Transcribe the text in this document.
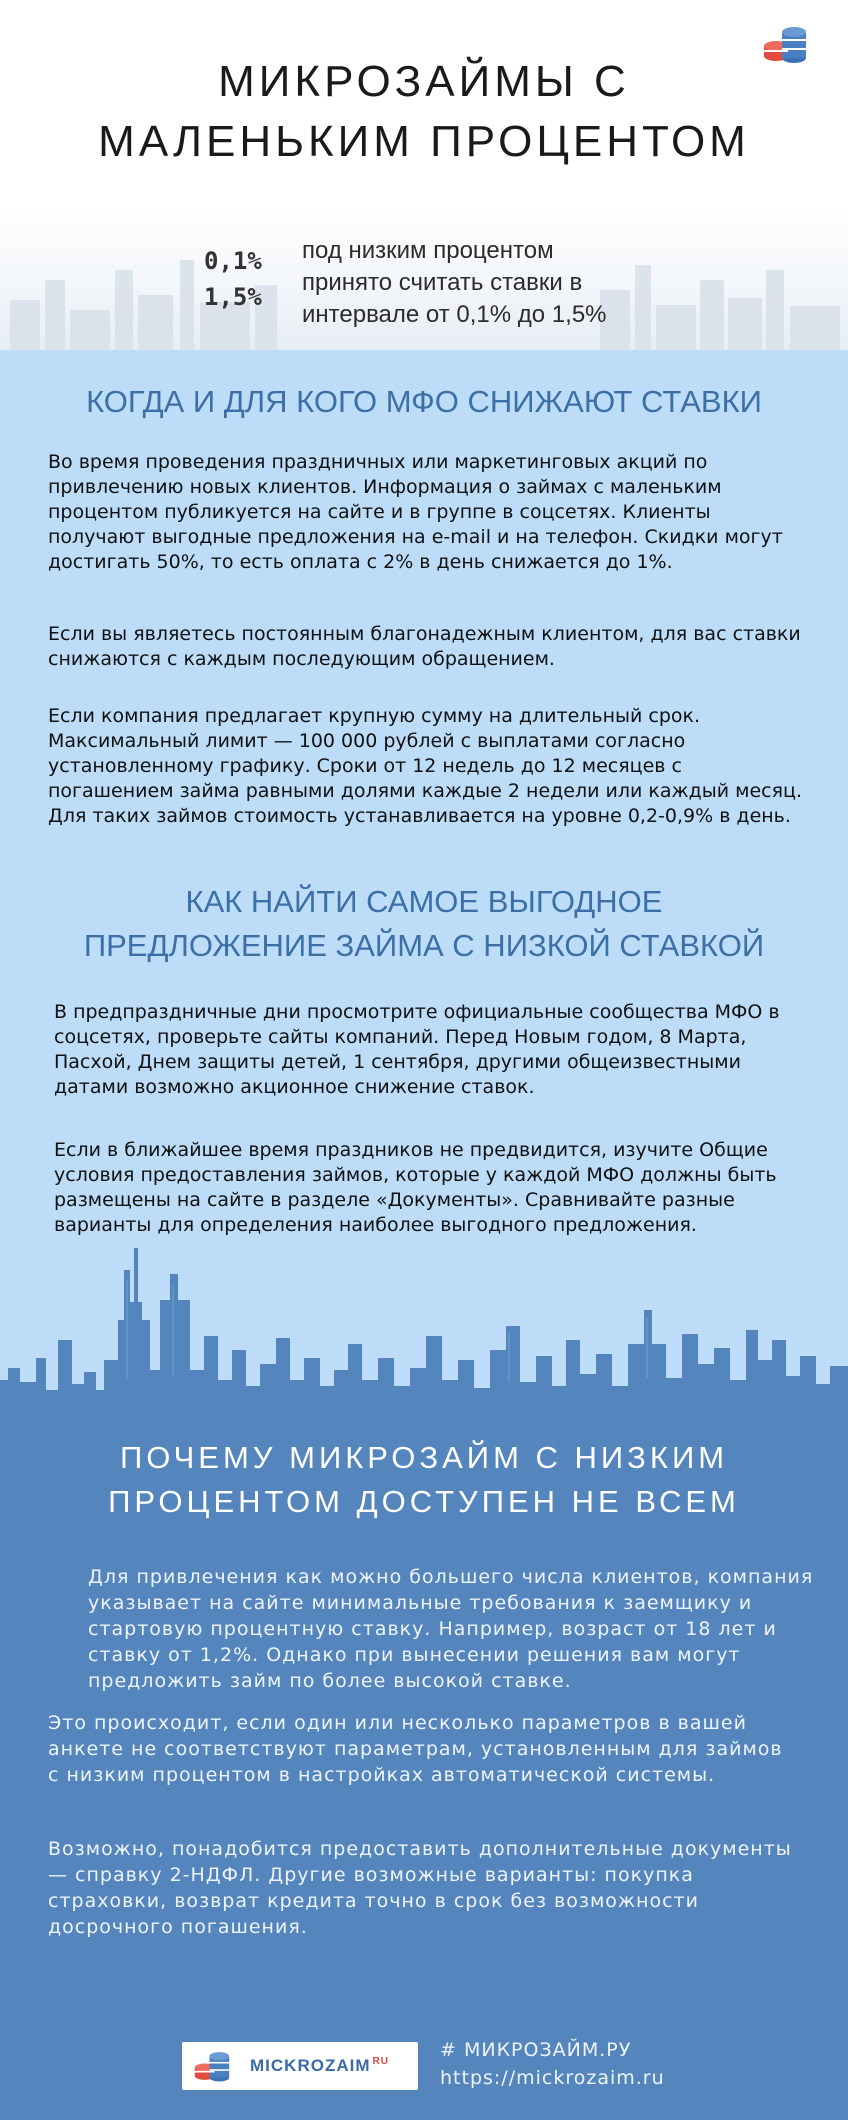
МИКРОЗАЙМЫ С
МАЛЕНЬКИМ ПРОЦЕНТОМ
0,1%
1,5%
под низким процентом
принято считать ставки в
интервале от 0,1% до 1,5%
КОГДА И ДЛЯ КОГО МФО СНИЖАЮТ СТАВКИ
Во время проведения праздничных или маркетинговых акций по
привлечению новых клиентов. Информация о займах с маленьким
процентом публикуется на сайте и в группе в соцсетях. Клиенты
получают выгодные предложения на e-mail и на телефон. Скидки могут
достигать 50%, то есть оплата с 2% в день снижается до 1%.
Если вы являетесь постоянным благонадежным клиентом, для вас ставки
снижаются с каждым последующим обращением.
Если компания предлагает крупную сумму на длительный срок.
Максимальный лимит — 100 000 рублей с выплатами согласно
установленному графику. Сроки от 12 недель до 12 месяцев с
погашением займа равными долями каждые 2 недели или каждый месяц.
Для таких займов стоимость устанавливается на уровне 0,2-0,9% в день.
КАК НАЙТИ САМОЕ ВЫГОДНОЕ
ПРЕДЛОЖЕНИЕ ЗАЙМА С НИЗКОЙ СТАВКОЙ
В предпраздничные дни просмотрите официальные сообщества МФО в
соцсетях, проверьте сайты компаний. Перед Новым годом, 8 Марта,
Пасхой, Днем защиты детей, 1 сентября, другими общеизвестными
датами возможно акционное снижение ставок.
Если в ближайшее время праздников не предвидится, изучите Общие
условия предоставления займов, которые у каждой МФО должны быть
размещены на сайте в разделе «Документы». Сравнивайте разные
варианты для определения наиболее выгодного предложения.
ПОЧЕМУ МИКРОЗАЙМ С НИЗКИМ
ПРОЦЕНТОМ ДОСТУПЕН НЕ ВСЕМ
Для привлечения как можно большего числа клиентов, компания
указывает на сайте минимальные требования к заемщику и
стартовую процентную ставку. Например, возраст от 18 лет и
ставку от 1,2%. Однако при вынесении решения вам могут
предложить займ по более высокой ставке.
Это происходит, если один или несколько параметров в вашей
анкете не соответствуют параметрам, установленным для займов
с низким процентом в настройках автоматической системы.
Возможно, понадобится предоставить дополнительные документы
— справку 2-НДФЛ. Другие возможные варианты: покупка
страховки, возврат кредита точно в срок без возможности
досрочного погашения.
MICKROZAIM $^{RU}$
# МИКРОЗАЙМ.РУ
https://mickrozaim.ru
